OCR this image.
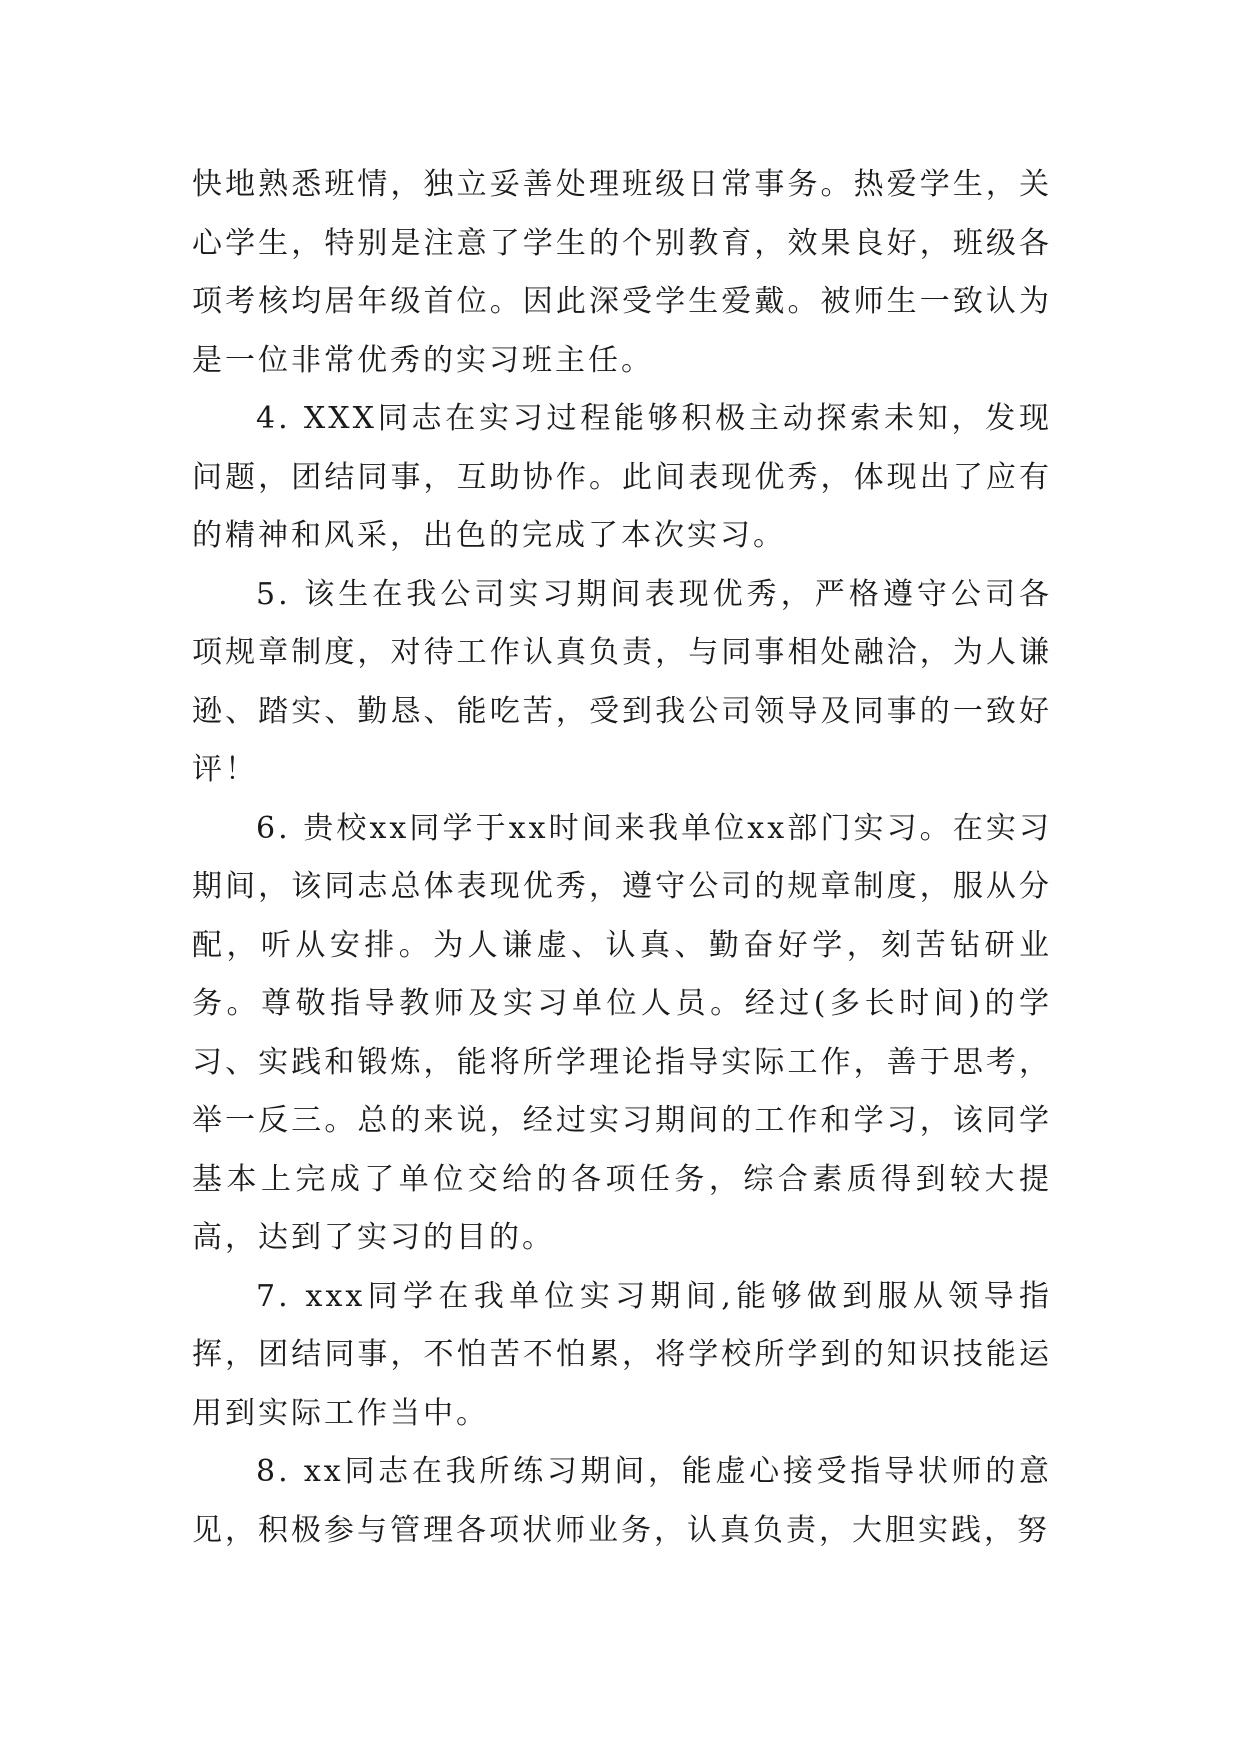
快地熟悉班情，独立妥善处理班级日常事务。热爱学生，关心学生，特别是注意了学生的个别教育，效果良好，班级各项考核均居年级首位。因此深受学生爱戴。被师生一致认为是一位非常优秀的实习班主任。

4. XXX同志在实习过程能够积极主动探索未知，发现问题，团结同事，互助协作。此间表现优秀，体现出了应有的精神和风采，出色的完成了本次实习。

5. 该生在我公司实习期间表现优秀，严格遵守公司各项规章制度，对待工作认真负责，与同事相处融洽，为人谦逊、踏实、勤恳、能吃苦，受到我公司领导及同事的一致好评！

6. 贵校xx同学于xx时间来我单位xx部门实习。在实习期间，该同志总体表现优秀，遵守公司的规章制度，服从分配，听从安排。为人谦虚、认真、勤奋好学，刻苦钻研业务。尊敬指导教师及实习单位人员。经过(多长时间)的学习、实践和锻炼，能将所学理论指导实际工作，善于思考，举一反三。总的来说，经过实习期间的工作和学习，该同学基本上完成了单位交给的各项任务，综合素质得到较大提高，达到了实习的目的。

7. xxx同学在我单位实习期间,能够做到服从领导指挥，团结同事，不怕苦不怕累，将学校所学到的知识技能运用到实际工作当中。

8. xx同志在我所练习期间，能虚心接受指导状师的意见，积极参与管理各项状师业务，认真负责，大胆实践，努
